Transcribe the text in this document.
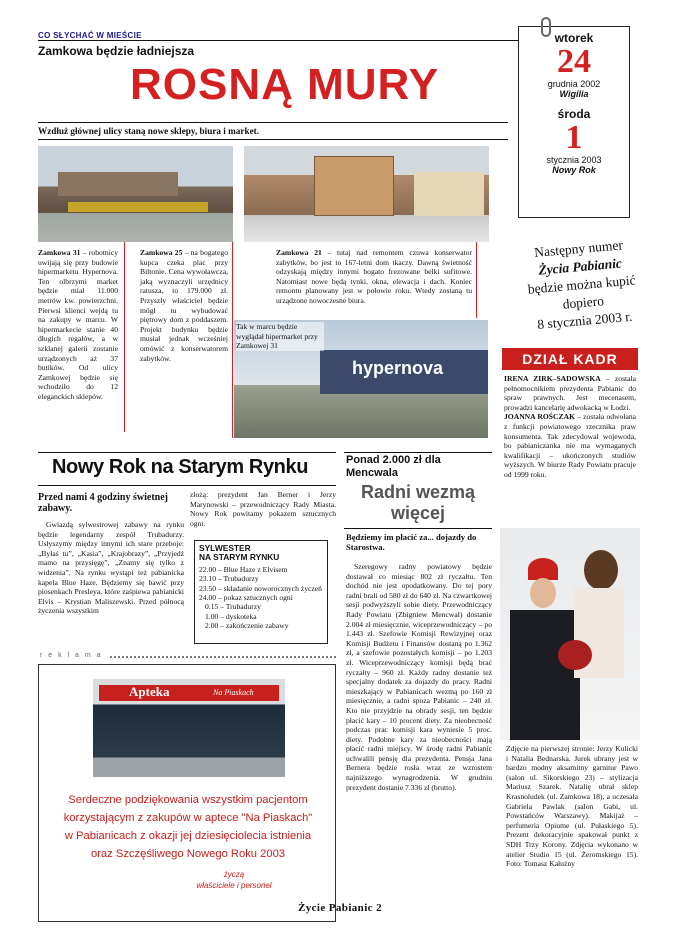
CO SŁYCHAĆ W MIEŚCIE
Zamkowa będzie ładniejsza
ROSNĄ MURY
Wzdłuż głównej ulicy staną nowe sklepy, biura i market.
wtorek
24
grudnia 2002
Wigilia
środa
1
stycznia 2003
Nowy Rok
Następny numer
Życia Pabianic
będzie można kupić
dopiero
8 stycznia 2003 r.
Zamkowa 31 – robotnicy uwijają się przy budowie hipermarketu Hypernova. Ten olbrzymi market będzie miał 11.000 metrów kw. powierzchni. Pierwsi klienci wejdą tu na zakupy w marcu. W hipermarkecie stanie 40 długich regałów, a w szklanej galerii zostanie urządzonych aż 37 butików. Od ulicy Zamkowej będzie się wchodziło do 12 eleganckich sklepów.
Zamkowa 25 – na bogatego kupca czeka plac przy Biltonie. Cena wywoławcza, jaką wyznaczyli urzędnicy ratusza, to 179.000 zł. Przyszły właściciel będzie mógł tu wybudować piętrowy dom z poddaszem. Projekt budynku będzie musiał jednak wcześniej omówić z konserwatorem zabytków.
Zamkowa 21 – tutaj nad remontem czuwa konserwator zabytków, bo jest to 167-letni dom tkaczy. Dawną świetność odzyskają między innymi bogato frezowane belki sufitowe. Natomiast nowe będą tynki, okna, elewacja i dach. Koniec remontu planowany jest w połowie roku. Wtedy zostaną tu urządzone nowoczesne biura.
hypernova
Tak w marcu będzie wyglądał hipermarket przy Zamkowej 31
DZIAŁ KADR
IRENA ZIRK–SADOWSKA – została pełnomocnikiem prezydenta Pabianic do spraw prawnych. Jest mecenasem, prowadzi kancelarię adwokacką w Łodzi.
JOANNA ROŚCZAK – została odwołana z funkcji powiatowego rzecznika praw konsumenta. Tak zdecydował wojewoda, bo pabianiczanka nie ma wymaganych kwalifikacji – ukończonych studiów wyższych. W biurze Rady Powiatu pracuje od 1999 roku.
Nowy Rok na Starym Rynku
Przed nami 4 godziny świetnej zabawy.
Gwiazdą sylwestrowej zabawy na rynku będzie legendarny zespół Trubadurzy. Usłyszymy między innymi ich stare przeboje: „Byłaś tu”, „Kasia”, „Krajobrazy”, „Przyjedź mamo na przysięgę”, „Znamy się tylko z widzenia”. Na rynku wystąpi też pabianicka kapela Blue Haze. Będziemy się bawić przy piosenkach Presleya, które zaśpiewa pabianicki Elvis – Krystian Maliszewski. Przed północą życzenia wszystkim
złożą: prezydent Jan Berner i Jerzy Marynowski – przewodniczący Rady Miasta. Nowy Rok powitamy pokazem sztucznych ogni.
SYLWESTER
NA STARYM RYNKU
22.00 – Blue Haze z Elvisem
23.10 – Trubadurzy
23.50 – składanie noworocznych życzeń
24.00 – pokaz sztucznych ogni
0.15 – Trubadurzy
1.00 – dyskoteka
2.00 – zakończenie zabawy
r e k l a m a
Apteka	Na Piaskach
Serdeczne podziękowania wszystkim pacjentom
korzystającym z zakupów w aptece "Na Piaskach"
w Pabianicach z okazji jej dziesięciolecia istnienia
oraz Szczęśliwego Nowego Roku 2003
życzą
właściciele i personel
Ponad 2.000 zł dla
Mencwala
Radni wezmą
więcej
Będziemy im płacić za... dojazdy do Starostwa.
Szeregowy radny powiatowy będzie dostawał co miesiąc 802 zł ryczałtu. Ten dochód nie jest opodatkowany. Do tej pory radni brali od 580 zł do 640 zł. Na czwartkowej sesji podwyższyli sobie diety. Przewodniczący Rady Powiatu (Zbigniew Mencwal) dostanie 2.004 zł miesięcznie, wiceprzewodniczący – po 1.443 zł. Szefowie Komisji Rewizyjnej oraz Komisji Budżetu i Finansów dostaną po 1.362 zł, a szefowie pozostałych komisji – po 1.203 zł. Wiceprzewodniczący komisji będą brać ryczałty – 960 zł. Każdy radny dostanie też specjalny dodatek za dojazdy do pracy. Radni mieszkający w Pabianicach wezmą po 160 zł miesięcznie, a radni spoza Pabianic – 240 zł. Kto nie przyjdzie na obrady sesji, ten będzie płacić kary – 10 procent diety. Za nieobecność podczas prac komisji kara wyniesie 5 proc. diety. Podobne kary za nieobecności mają płacić radni miejscy. W środę radni Pabianic uchwalili pensję dla prezydenta. Pensja Jana Bernera będzie rosła wraz ze wzrostem najniższego wynagrodzenia. W grudniu prezydent dostanie 7.336 zł (brutto).
Zdjęcie na pierwszej stronie: Jerzy Kulicki i Natalia Bednarska. Jurek ubrany jest w bardzo modny aksamitny garnitur Pawo (salon ul. Sikorskiego 23) – stylizacja Mariusz Szarek. Natalię ubrał sklep Krasnoludek (ul. Zamkowa 18), a uczesała Gabriela Pawlak (salon Gabi, ul. Powstańców Warszawy). Makijaż – perfumeria Opiume (ul. Pułaskiego 5). Prezent dekoracyjnie spakował punkt z SDH Trzy Korony. Zdjęcia wykonano w atelier Studio 15 (ul. Żeromskiego 15). Foto: Tomasz Kałużny
Życie Pabianic 2
